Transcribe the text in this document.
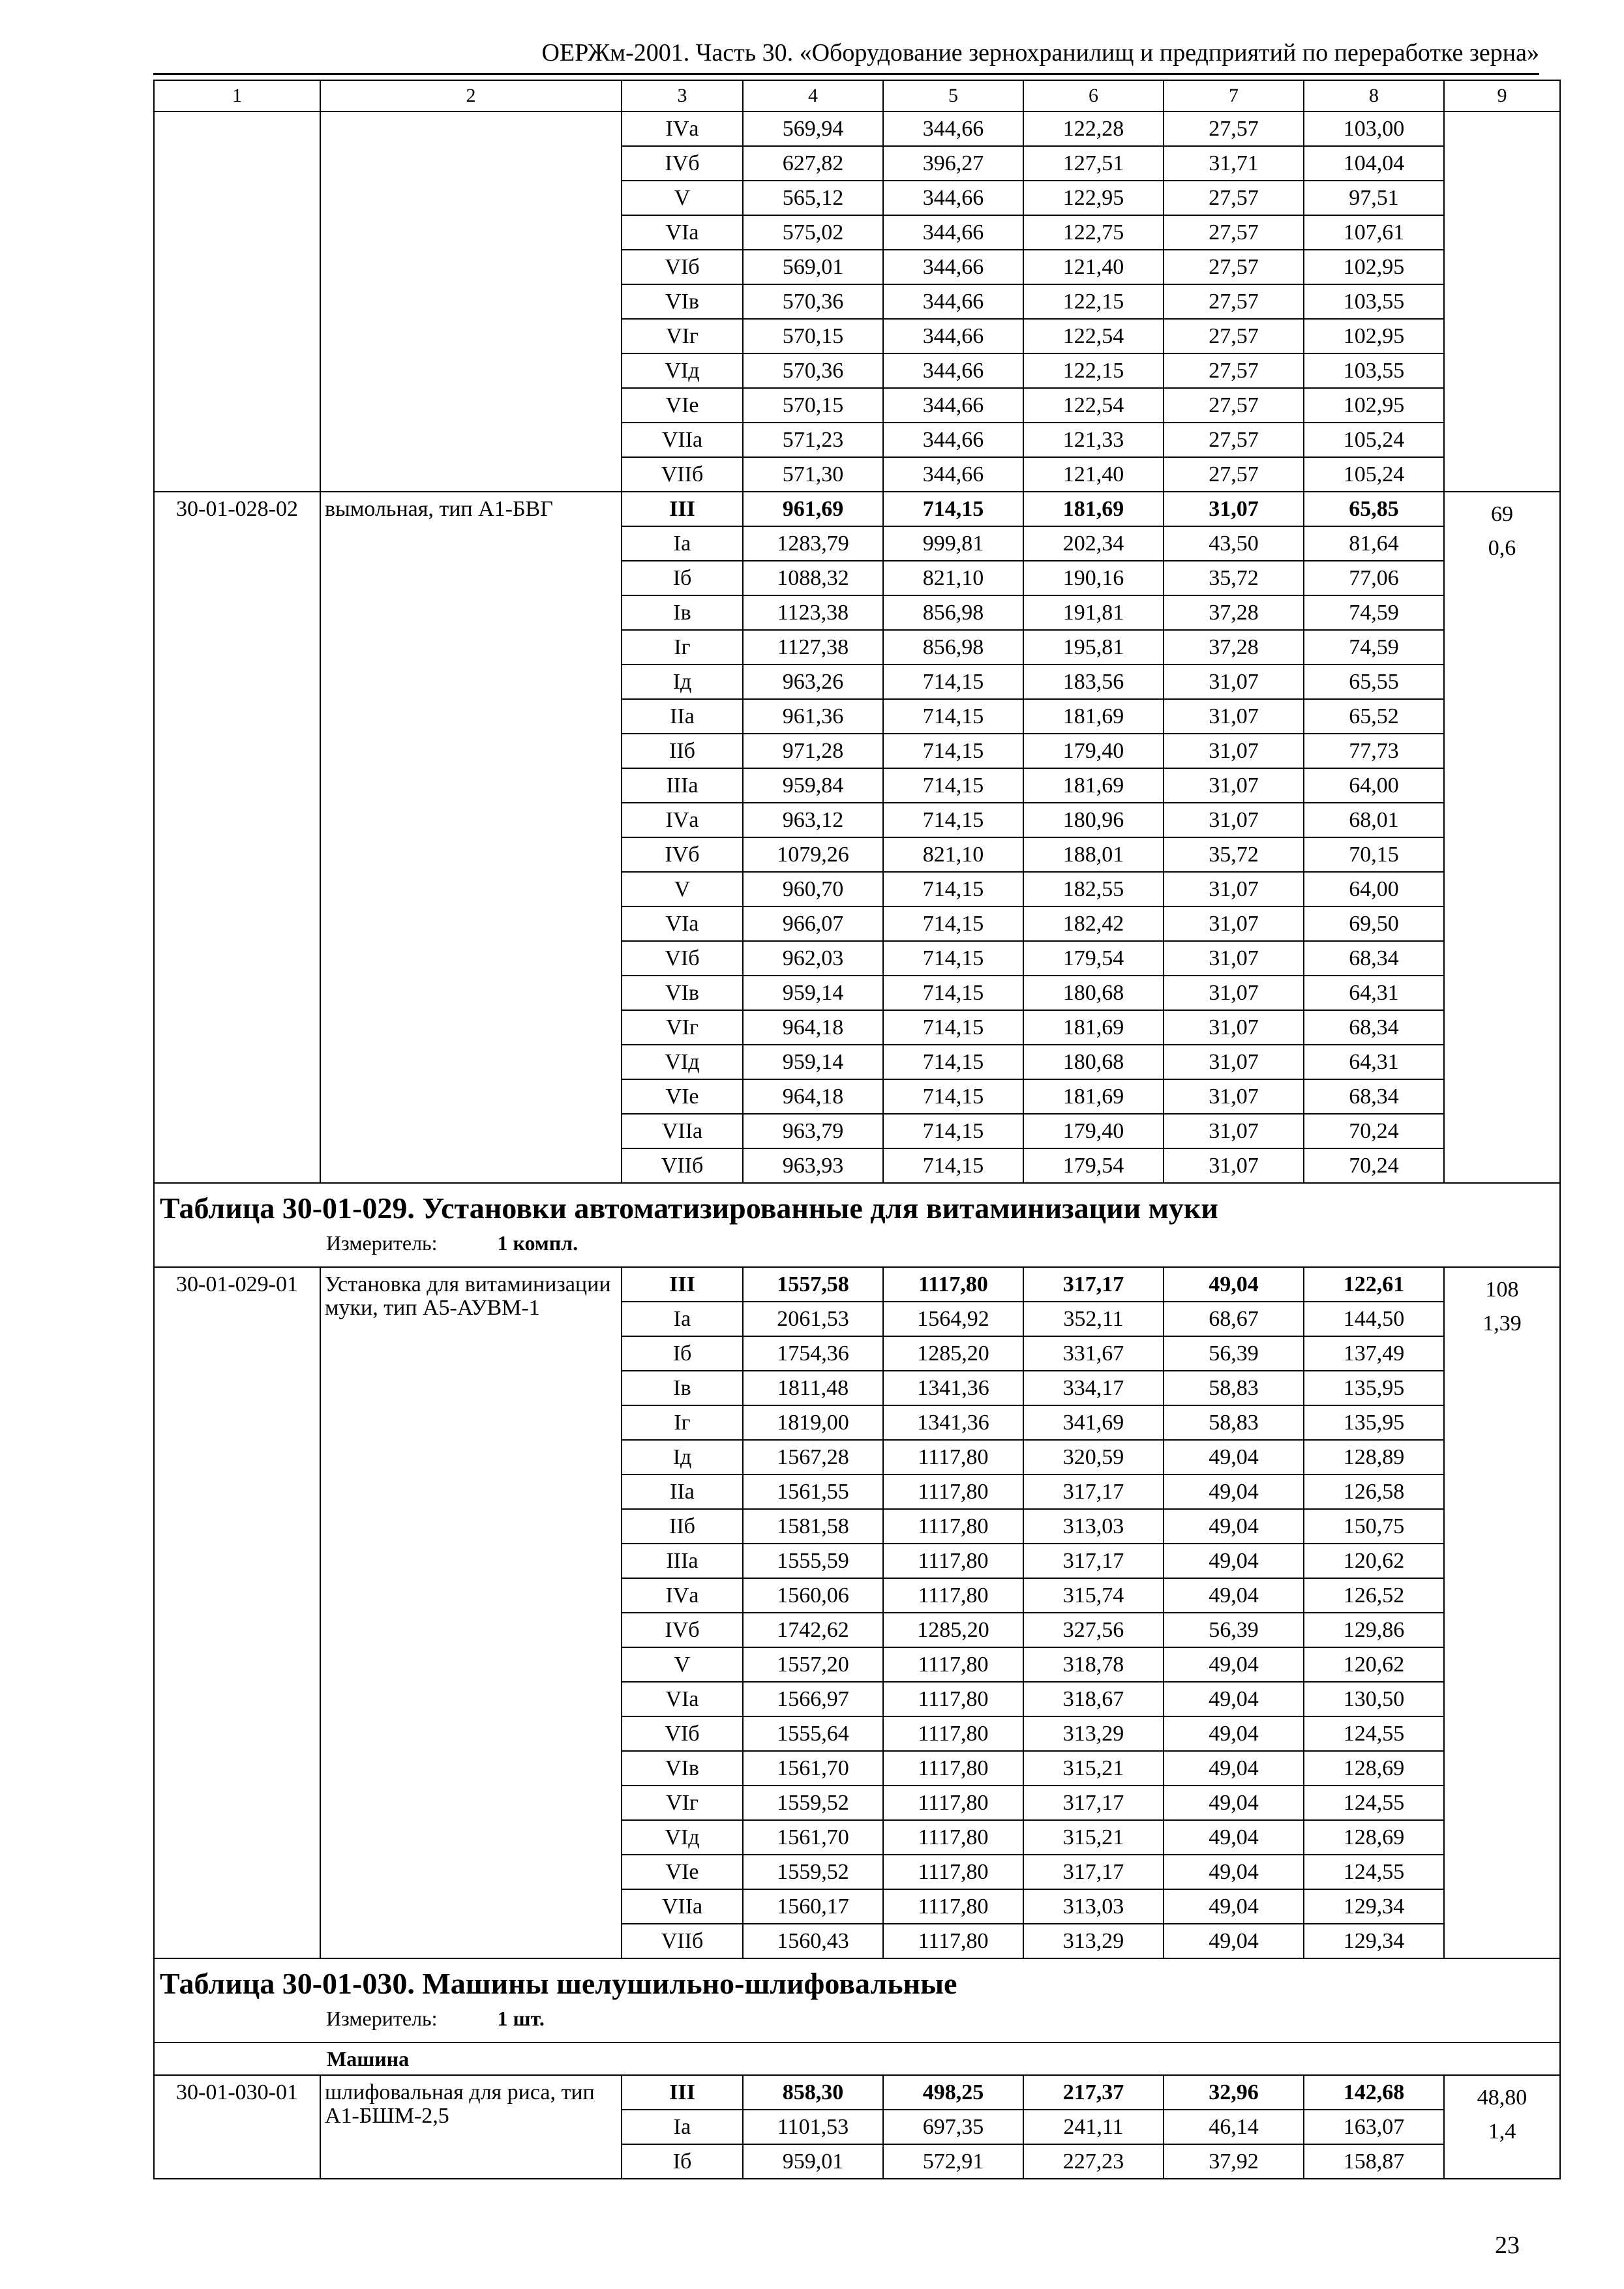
ОЕРЖм-2001. Часть 30. «Оборудование зернохранилищ и предприятий по переработке зерна»
1	2	3	4	5	6	7	8	9
		IVа	569,94	344,66	122,28	27,57	103,00	
		IVб	627,82	396,27	127,51	31,71	104,04	
		V	565,12	344,66	122,95	27,57	97,51	
		VIа	575,02	344,66	122,75	27,57	107,61	
		VIб	569,01	344,66	121,40	27,57	102,95	
		VIв	570,36	344,66	122,15	27,57	103,55	
		VIг	570,15	344,66	122,54	27,57	102,95	
		VIд	570,36	344,66	122,15	27,57	103,55	
		VIе	570,15	344,66	122,54	27,57	102,95	
		VIIа	571,23	344,66	121,33	27,57	105,24	
		VIIб	571,30	344,66	121,40	27,57	105,24	
30-01-028-02	вымольная, тип А1-БВГ	III	961,69	714,15	181,69	31,07	65,85	69
0,6

		Iа	1283,79	999,81	202,34	43,50	81,64	
		Iб	1088,32	821,10	190,16	35,72	77,06	
		Iв	1123,38	856,98	191,81	37,28	74,59	
		Iг	1127,38	856,98	195,81	37,28	74,59	
		Iд	963,26	714,15	183,56	31,07	65,55	
		IIа	961,36	714,15	181,69	31,07	65,52	
		IIб	971,28	714,15	179,40	31,07	77,73	
		IIIа	959,84	714,15	181,69	31,07	64,00	
		IVа	963,12	714,15	180,96	31,07	68,01	
		IVб	1079,26	821,10	188,01	35,72	70,15	
		V	960,70	714,15	182,55	31,07	64,00	
		VIа	966,07	714,15	182,42	31,07	69,50	
		VIб	962,03	714,15	179,54	31,07	68,34	
		VIв	959,14	714,15	180,68	31,07	64,31	
		VIг	964,18	714,15	181,69	31,07	68,34	
		VIд	959,14	714,15	180,68	31,07	64,31	
		VIе	964,18	714,15	181,69	31,07	68,34	
		VIIа	963,79	714,15	179,40	31,07	70,24	
		VIIб	963,93	714,15	179,54	31,07	70,24	

Таблица 30-01-029. Установки автоматизированные для витаминизации муки
Измеритель: 1 компл.								

30-01-029-01	Установка для витаминизации муки, тип А5-АУВМ-1	III	1557,58	1117,80	317,17	49,04	122,61	108
1,39

		Iа	2061,53	1564,92	352,11	68,67	144,50	
		Iб	1754,36	1285,20	331,67	56,39	137,49	
		Iв	1811,48	1341,36	334,17	58,83	135,95	
		Iг	1819,00	1341,36	341,69	58,83	135,95	
		Iд	1567,28	1117,80	320,59	49,04	128,89	
		IIа	1561,55	1117,80	317,17	49,04	126,58	
		IIб	1581,58	1117,80	313,03	49,04	150,75	
		IIIа	1555,59	1117,80	317,17	49,04	120,62	
		IVа	1560,06	1117,80	315,74	49,04	126,52	
		IVб	1742,62	1285,20	327,56	56,39	129,86	
		V	1557,20	1117,80	318,78	49,04	120,62	
		VIа	1566,97	1117,80	318,67	49,04	130,50	
		VIб	1555,64	1117,80	313,29	49,04	124,55	
		VIв	1561,70	1117,80	315,21	49,04	128,69	
		VIг	1559,52	1117,80	317,17	49,04	124,55	
		VIд	1561,70	1117,80	315,21	49,04	128,69	
		VIе	1559,52	1117,80	317,17	49,04	124,55	
		VIIа	1560,17	1117,80	313,03	49,04	129,34	
		VIIб	1560,43	1117,80	313,29	49,04	129,34	

Таблица 30-01-030. Машины шелушильно-шлифовальные
Измеритель: 1 шт.								

Машина								
30-01-030-01	шлифовальная для риса, тип А1-БШМ-2,5	III	858,30	498,25	217,37	32,96	142,68	48,80
1,4

		Iа	1101,53	697,35	241,11	46,14	163,07	
		Iб	959,01	572,91	227,23	37,92	158,87	
23
